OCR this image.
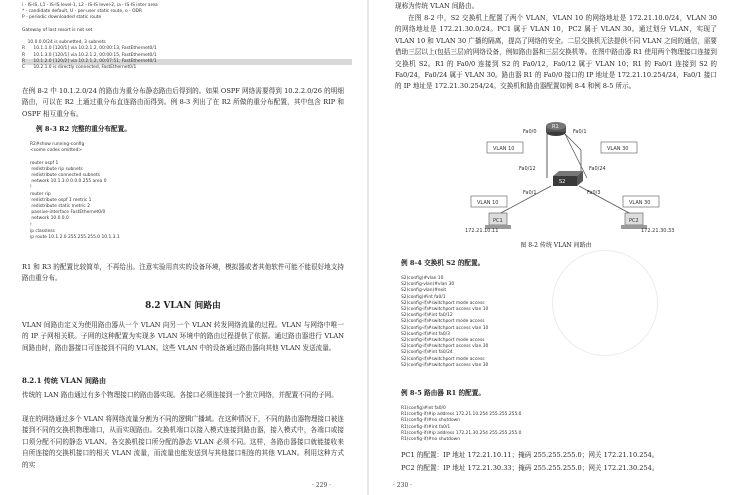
i - IS-IS, L1 - IS-IS level-1, L2 - IS-IS level-2, ia - IS-IS inter area
* - candidate default, U - per-user static route, o - ODR
P - periodic downloaded static route

Gateway of last resort is not set

10.0.0.0/24 is subnetted, 3 subnets
R      10.1.1.0 [120/1] via 10.2.1.2, 00:00:13, FastEthernet0/1
R      10.1.3.0 [120/1] via 10.2.1.2, 00:00:15, FastEthernet0/1
R      10.1.2.0 [120/2] via 10.2.1.2, 00:07:51, FastEthernet0/1
C      10.2.1.0 is directly connected, FastEthernet0/1
在例 8-2 中 10.1.2.0/24 的路由为重分布静态路由后得到的。如果 OSPF 网络需要得到 10.2.2.0/26 的明细路由，可以在 R2 上通过重分布直连路由而得到。例 8-3 列出了在 R2 所做的重分布配置，其中包含 RIP 和 OSPF 相互重分布。
例 8-3 R2 完整的重分布配置。
R2#show running-config
<some codes omitted>

router ospf 1
redistribute rip subnets
redistribute connected subnets
network 10.1.3.0 0.0.0.255 area 0
!
router rip
redistribute ospf 1 metric 1
redistribute static metric 2
passive-interface FastEthernet0/0
network 10.0.0.0
!
ip classless
ip route 10.1.2.0 255.255.255.0 10.1.3.1
R1 和 R3 的配置比较简单，不再给出。注意实验用真实的设备环境，模拟器或者其他软件可能不能很好地支持路由重分布。
8.2 VLAN 间路由
VLAN 间路由定义为使用路由器从一个 VLAN 向另一个 VLAN 转发网络流量的过程。VLAN 与网络中唯一的 IP 子网相关联。子网的这种配置为实现多 VLAN 环境中的路由过程提供了依据。通过路由器进行 VLAN 间路由时，路由器接口可连接到不同的 VLAN。这些 VLAN 中的设备通过路由器向其他 VLAN 发送流量。
8.2.1 传统 VLAN 间路由
传统的 LAN 路由通过有多个物理接口的路由器实现。各接口必须连接到一个独立网络，并配置不同的子网。
现在的网络通过多个 VLAN 将网络流量分割为不同的逻辑广播域。在这种情况下，不同的路由器物理接口被连接到不同的交换机物理端口，从而实现路由。交换机端口以接入模式连接到路由器，接入模式中，各端口或接口须分配不同的静态 VLAN。各交换机接口所分配的静态 VLAN 必须不同。这样，各路由器接口就能接收来自所连接的交换机接口的相关 VLAN 流量，而流量也能发送到与其他接口相连的其他 VLAN。利用这种方式的实
· 229 ·
现称为传统 VLAN 间路由。
在图 8-2 中，S2 交换机上配置了两个 VLAN，VLAN 10 的网络地址是 172.21.10.0/24，VLAN 30 的网络地址是 172.21.30.0/24。PC1 属于 VLAN 10，PC2 属于 VLAN 30。通过划分 VLAN，实现了 VLAN 10 和 VLAN 30 广播的隔离，提高了网络的安全。二层交换机无法提供不同 VLAN 之间的通信，需要借助三层以上(包括三层)的网络设备，例如路由器和三层交换机等。在图中路由器 R1 使用两个物理接口连接到交换机 S2。R1 的 Fa0/0 连接到 S2 的 Fa0/12，Fa0/12 属于 VLAN 10；R1 的 Fa0/1 连接到 S2 的 Fa0/24，Fa0/24 属于 VLAN 30。路由器 R1 的 Fa0/0 接口的 IP 地址是 172.21.10.254/24，Fa0/1 接口的 IP 地址是 172.21.30.254/24。交换机和路由器配置如例 8-4 和例 8-5 所示。
R1
S2
Fa0/0	Fa0/1
Fa0/12	Fa0/24
Fa0/1	Fa0/3
VLAN 10	VLAN 30
VLAN 10	VLAN 30
PC1
172.21.10.11
PC2
172.21.30.33
图 8-2 传统 VLAN 间路由
例 8-4 交换机 S2 的配置。
S2(config)#vlan 10
S2(config-vlan)#vlan 30
S2(config-vlan)#exit
S2(config)#int fa0/1
S2(config-if)#switchport mode access
S2(config-if)#switchport access vlan 10
S2(config-if)#int fa0/12
S2(config-if)#switchport mode access
S2(config-if)#switchport access vlan 10
S2(config-if)#int fa0/3
S2(config-if)#switchport mode access
S2(config-if)#switchport access vlan 30
S2(config-if)#int fa0/24
S2(config-if)#switchport mode access
S2(config-if)#switchport access vlan 30
例 8-5 路由器 R1 的配置。
R1(config)#int fa0/0
R1(config-if)#ip address 172.21.10.254 255.255.255.0
R1(config-if)#no shutdown
R1(config-if)#int fa0/1
R1(config-if)#ip address 172.21.30.254 255.255.255.0
R1(config-if)#no shutdown
PC1 的配置：IP 地址 172.21.10.11；掩码 255.255.255.0；网关 172.21.10.254。
PC2 的配置：IP 地址 172.21.30.33；掩码 255.255.255.0；网关 172.21.30.254。
· 230 ·
